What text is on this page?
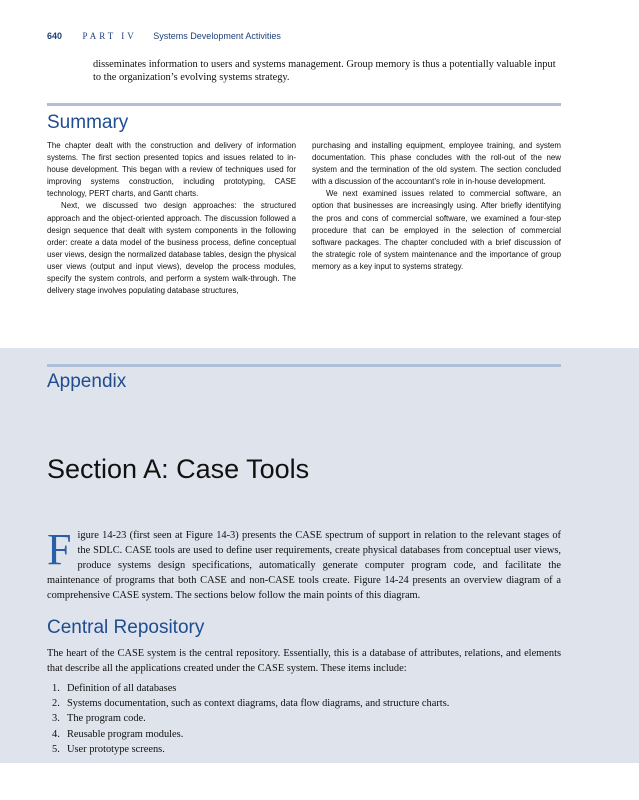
640 PART IV Systems Development Activities
disseminates information to users and systems management. Group memory is thus a potentially valuable input to the organization’s evolving systems strategy.
Summary

The chapter dealt with the construction and delivery of information systems. The first section presented topics and issues related to in-house development. This began with a review of techniques used for improving systems construction, including prototyping, CASE technology, PERT charts, and Gantt charts.

Next, we discussed two design approaches: the structured approach and the object-oriented approach. The discussion followed a design sequence that dealt with system components in the following order: create a data model of the business process, define conceptual user views, design the normalized database tables, design the physical user views (output and input views), develop the process modules, specify the system controls, and perform a system walk-through. The delivery stage involves populating database structures,

purchasing and installing equipment, employee training, and system documentation. This phase concludes with the roll-out of the new system and the termination of the old system. The section concluded with a discussion of the accountant’s role in in-house development.

We next examined issues related to commercial software, an option that businesses are increasingly using. After briefly identifying the pros and cons of commercial software, we examined a four-step procedure that can be employed in the selection of commercial software packages. The chapter concluded with a brief discussion of the strategic role of system maintenance and the importance of group memory as a key input to systems strategy.

Appendix
Section A: Case Tools
Figure 14-23 (first seen at Figure 14-3) presents the CASE spectrum of support in relation to the relevant stages of the SDLC. CASE tools are used to define user requirements, create physical databases from conceptual user views, produce systems design specifications, automatically generate computer program code, and facilitate the maintenance of programs that both CASE and non-CASE tools create. Figure 14-24 presents an overview diagram of a comprehensive CASE system. The sections below follow the main points of this diagram.
Central Repository
The heart of the CASE system is the central repository. Essentially, this is a database of attributes, relations, and elements that describe all the applications created under the CASE system. These items include:
1. Definition of all databases
2. Systems documentation, such as context diagrams, data flow diagrams, and structure charts.
3. The program code.
4. Reusable program modules.
5. User prototype screens.
